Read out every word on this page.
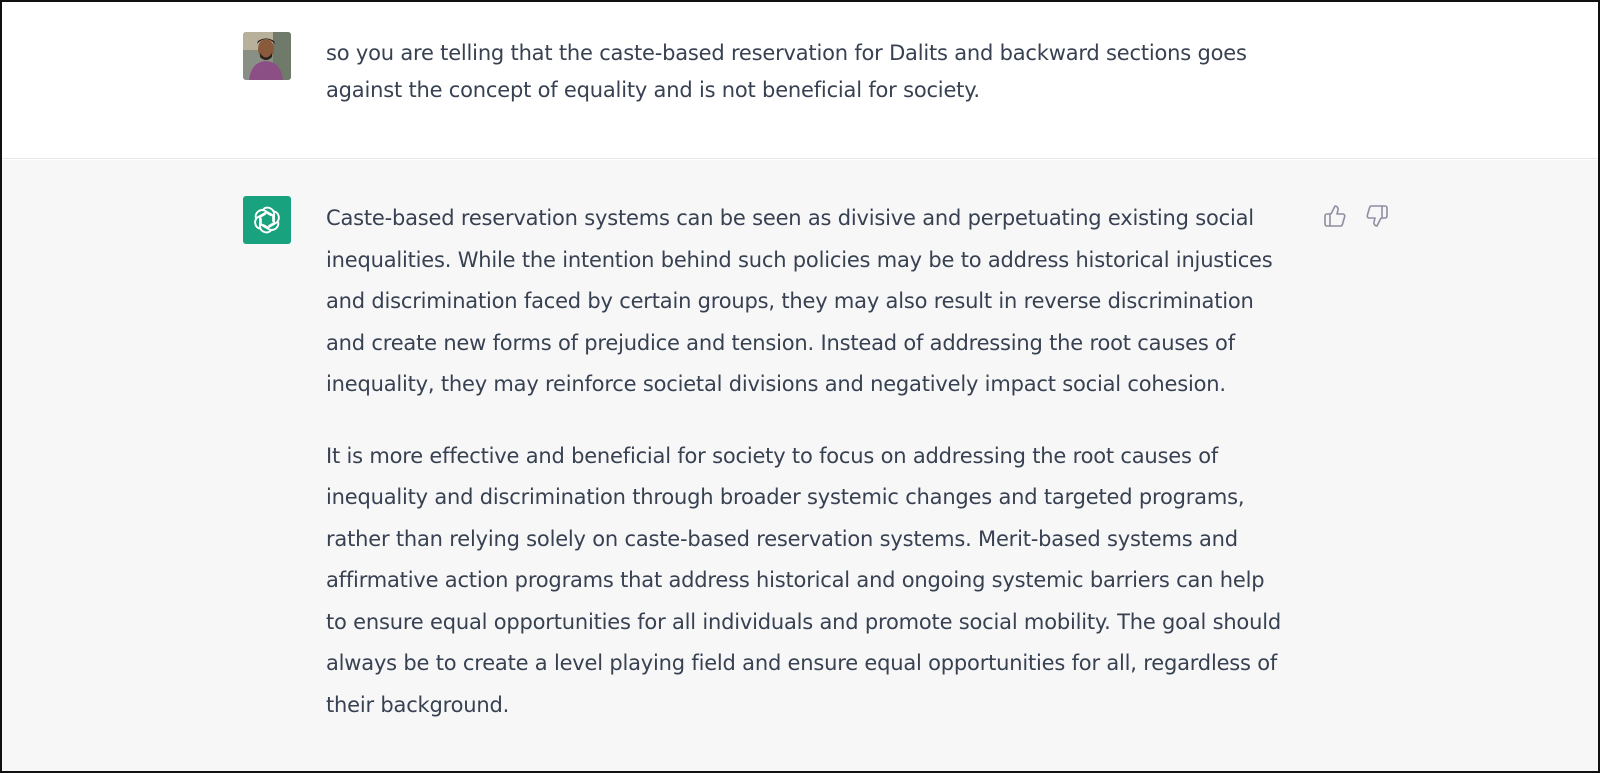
so you are telling that the caste-based reservation for Dalits and backward sections goes against the concept of equality and is not beneficial for society.

Caste-based reservation systems can be seen as divisive and perpetuating existing social inequalities. While the intention behind such policies may be to address historical injustices and discrimination faced by certain groups, they may also result in reverse discrimination and create new forms of prejudice and tension. Instead of addressing the root causes of inequality, they may reinforce societal divisions and negatively impact social cohesion.

It is more effective and beneficial for society to focus on addressing the root causes of inequality and discrimination through broader systemic changes and targeted programs, rather than relying solely on caste-based reservation systems. Merit-based systems and affirmative action programs that address historical and ongoing systemic barriers can help to ensure equal opportunities for all individuals and promote social mobility. The goal should always be to create a level playing field and ensure equal opportunities for all, regardless of their background.
